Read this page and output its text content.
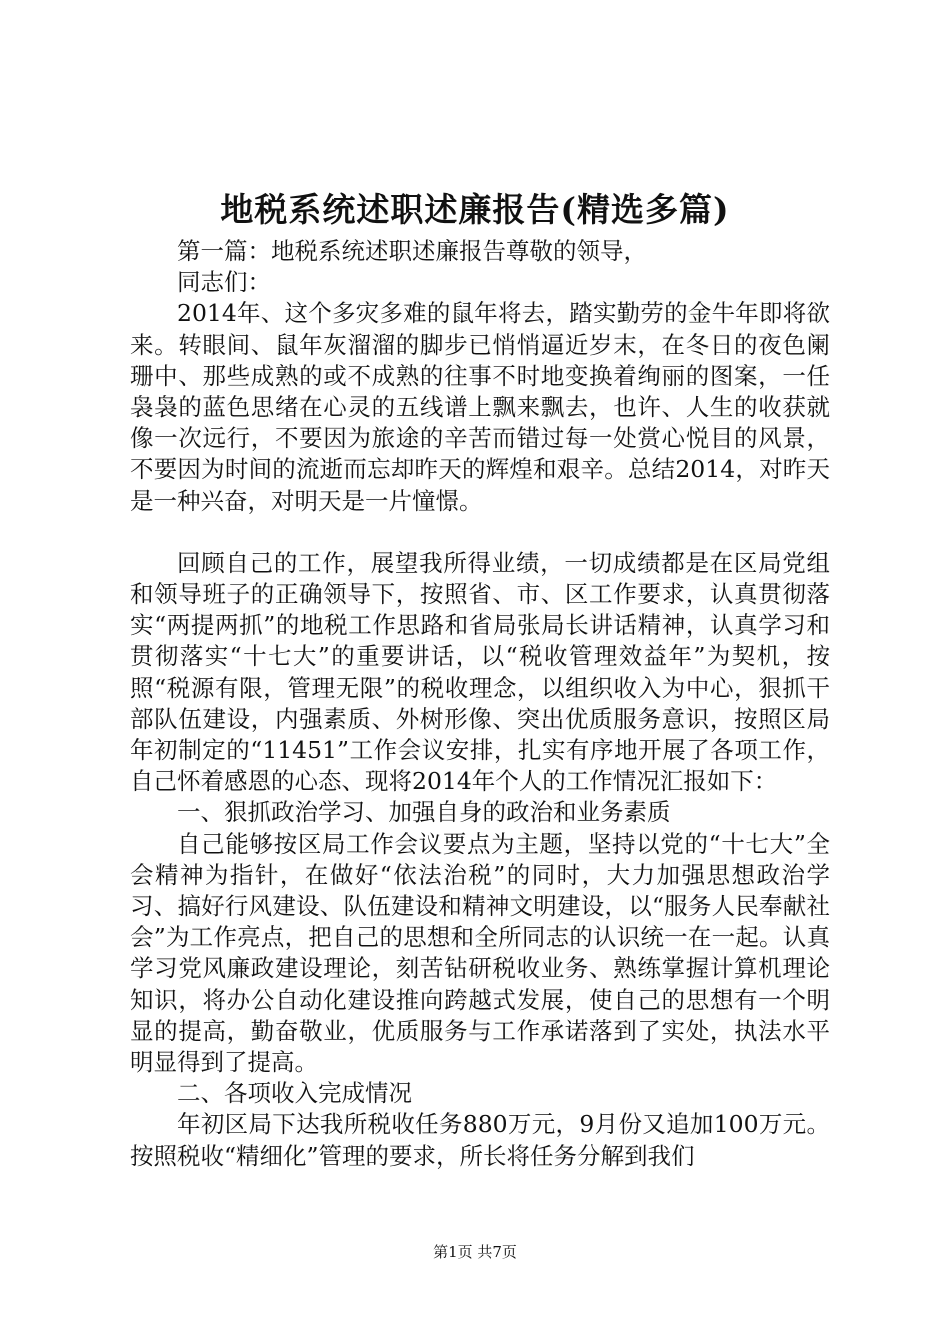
地税系统述职述廉报告(精选多篇)

第一篇：地税系统述职述廉报告尊敬的领导，

同志们：

2014年、这个多灾多难的鼠年将去，踏实勤劳的金牛年即将欲来。转眼间、鼠年灰溜溜的脚步已悄悄逼近岁末，在冬日的夜色阑珊中、那些成熟的或不成熟的往事不时地变换着绚丽的图案，一任袅袅的蓝色思绪在心灵的五线谱上飘来飘去，也许、人生的收获就像一次远行，不要因为旅途的辛苦而错过每一处赏心悦目的风景，不要因为时间的流逝而忘却昨天的辉煌和艰辛。总结2014，对昨天是一种兴奋，对明天是一片憧憬。

回顾自己的工作，展望我所得业绩，一切成绩都是在区局党组和领导班子的正确领导下，按照省、市、区工作要求，认真贯彻落实“两提两抓”的地税工作思路和省局张局长讲话精神，认真学习和贯彻落实“十七大”的重要讲话，以“税收管理效益年”为契机，按照“税源有限，管理无限”的税收理念，以组织收入为中心，狠抓干部队伍建设，内强素质、外树形像、突出优质服务意识，按照区局年初制定的“11451”工作会议安排，扎实有序地开展了各项工作，自己怀着感恩的心态、现将2014年个人的工作情况汇报如下：

一、狠抓政治学习、加强自身的政治和业务素质

自己能够按区局工作会议要点为主题，坚持以党的“十七大”全会精神为指针，在做好“依法治税”的同时，大力加强思想政治学习、搞好行风建设、队伍建设和精神文明建设，以“服务人民奉献社会”为工作亮点，把自己的思想和全所同志的认识统一在一起。认真学习党风廉政建设理论，刻苦钻研税收业务、熟练掌握计算机理论知识，将办公自动化建设推向跨越式发展，使自己的思想有一个明显的提高，勤奋敬业，优质服务与工作承诺落到了实处，执法水平明显得到了提高。

二、各项收入完成情况

年初区局下达我所税收任务880万元，9月份又追加100万元。按照税收“精细化”管理的要求，所长将任务分解到我们

第1页 共7页
